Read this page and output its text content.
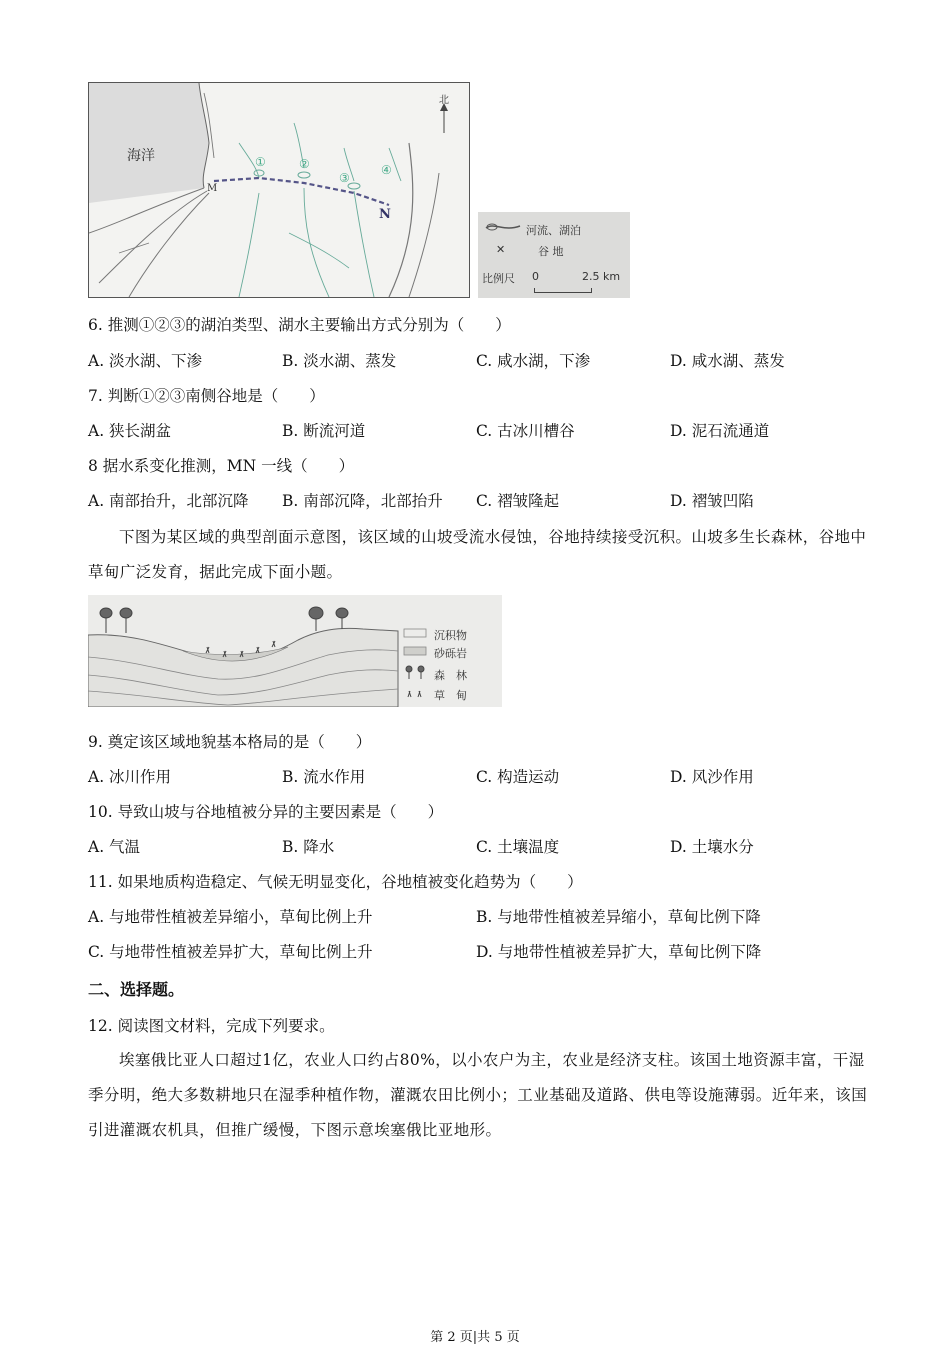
海洋
北
M
N
①	②
③
④
河流、湖泊
✕	谷 地
比例尺 0	2.5 km
6. 推测①②③的湖泊类型、湖水主要输出方式分别为（　　）
A. 淡水湖、下渗	B. 淡水湖、蒸发	C. 咸水湖，下渗	D. 咸水湖、蒸发
7. 判断①②③南侧谷地是（　　）
A. 狭长湖盆	B. 断流河道	C. 古冰川槽谷	D. 泥石流通道
8 据水系变化推测，MN 一线（　　）
A. 南部抬升，北部沉降 B. 南部沉降，北部抬升 C. 褶皱隆起	D. 褶皱凹陷
下图为某区域的典型剖面示意图，该区域的山坡受流水侵蚀，谷地持续接受沉积。山坡多生长森林，谷地中草甸广泛发育，据此完成下面小题。
沉积物
砂砾岩
森　林
草　甸
9. 奠定该区域地貌基本格局的是（　　）
A. 冰川作用	B. 流水作用	C. 构造运动	D. 风沙作用
10. 导致山坡与谷地植被分异的主要因素是（　　）
A. 气温	B. 降水	C. 土壤温度	D. 土壤水分
11. 如果地质构造稳定、气候无明显变化，谷地植被变化趋势为（　　）
A. 与地带性植被差异缩小，草甸比例上升	B. 与地带性植被差异缩小，草甸比例下降
C. 与地带性植被差异扩大，草甸比例上升	D. 与地带性植被差异扩大，草甸比例下降
二、选择题。
12. 阅读图文材料，完成下列要求。
埃塞俄比亚人口超过1亿，农业人口约占80%，以小农户为主，农业是经济支柱。该国土地资源丰富，干湿季分明，绝大多数耕地只在湿季种植作物，灌溉农田比例小；工业基础及道路、供电等设施薄弱。近年来，该国引进灌溉农机具，但推广缓慢，下图示意埃塞俄比亚地形。
第 2 页|共 5 页
